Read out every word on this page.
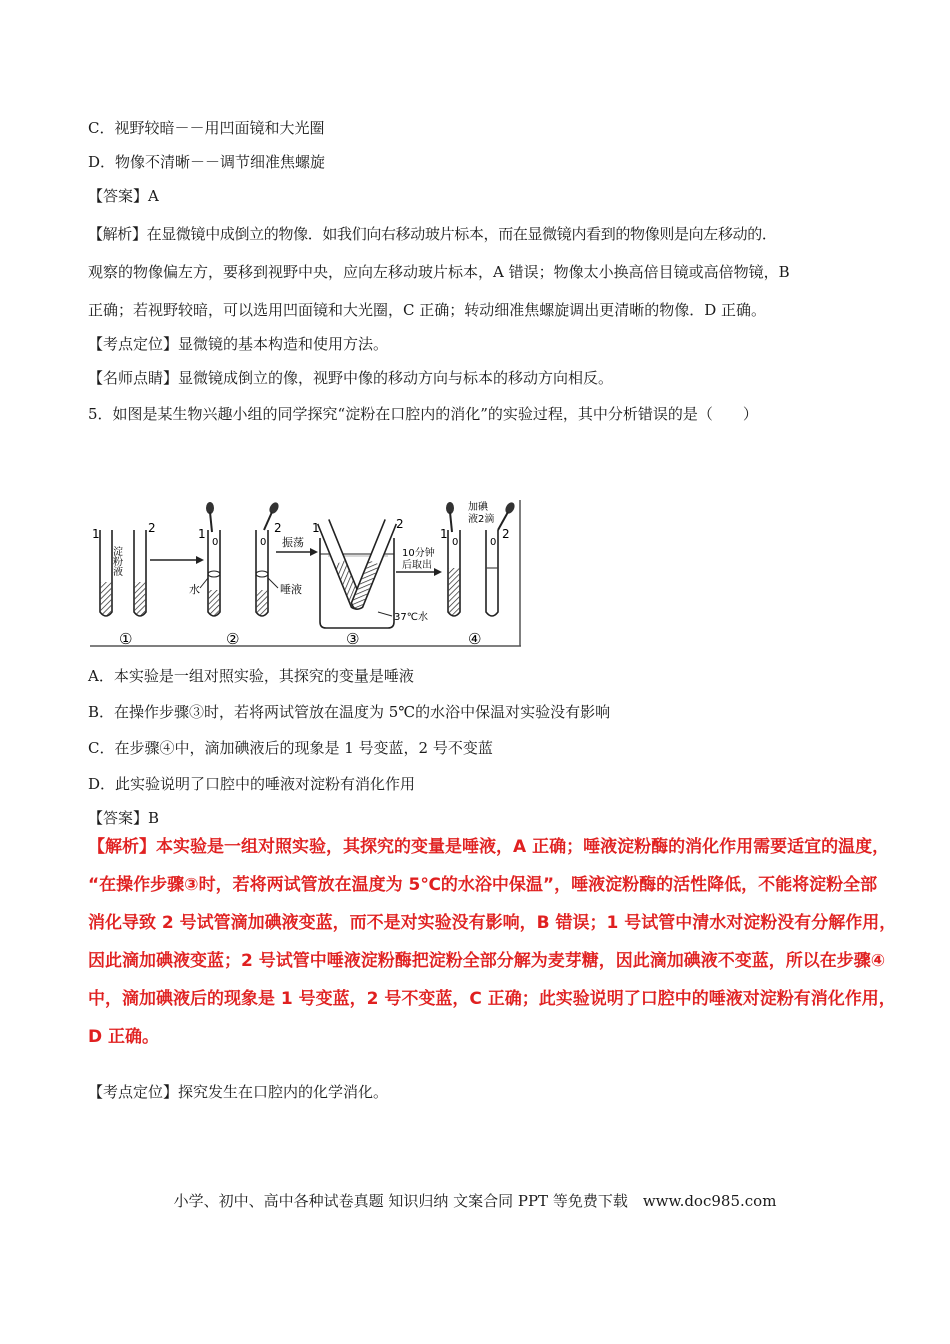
C．视野较暗－－用凹面镜和大光圈
D．物像不清晰－－调节细准焦螺旋
【答案】A
【解析】在显微镜中成倒立的物像．如我们向右移动玻片标本，而在显微镜内看到的物像则是向左移动的．
观察的物像偏左方，要移到视野中央，应向左移动玻片标本，A 错误；物像太小换高倍目镜或高倍物镜，B
正确；若视野较暗，可以选用凹面镜和大光圈，C 正确；转动细准焦螺旋调出更清晰的物像．D 正确。
【考点定位】显微镜的基本构造和使用方法。
【名师点睛】显微镜成倒立的像，视野中像的移动方向与标本的移动方向相反。
5．如图是某生物兴趣小组的同学探究“淀粉在口腔内的消化”的实验过程，其中分析错误的是（　　）
1	2
淀粉液
①
1	2
0	0
水	唾液
②
振荡
1	2
37℃水
③
10分钟
后取出
1	2
0	0
加碘
液2滴
④
A．本实验是一组对照实验，其探究的变量是唾液
B．在操作步骤③时，若将两试管放在温度为 5℃的水浴中保温对实验没有影响
C．在步骤④中，滴加碘液后的现象是 1 号变蓝，2 号不变蓝
D．此实验说明了口腔中的唾液对淀粉有消化作用
【答案】B
【解析】本实验是一组对照实验，其探究的变量是唾液，A 正确；唾液淀粉酶的消化作用需要适宜的温度，
“在操作步骤③时，若将两试管放在温度为 5℃的水浴中保温”，唾液淀粉酶的活性降低，不能将淀粉全部
消化导致 2 号试管滴加碘液变蓝，而不是对实验没有影响，B 错误；1 号试管中清水对淀粉没有分解作用，
因此滴加碘液变蓝；2 号试管中唾液淀粉酶把淀粉全部分解为麦芽糖，因此滴加碘液不变蓝，所以在步骤④
中，滴加碘液后的现象是 1 号变蓝，2 号不变蓝，C 正确；此实验说明了口腔中的唾液对淀粉有消化作用，
D 正确。
【考点定位】探究发生在口腔内的化学消化。
小学、初中、高中各种试卷真题 知识归纳 文案合同 PPT 等免费下载　www.doc985.com
